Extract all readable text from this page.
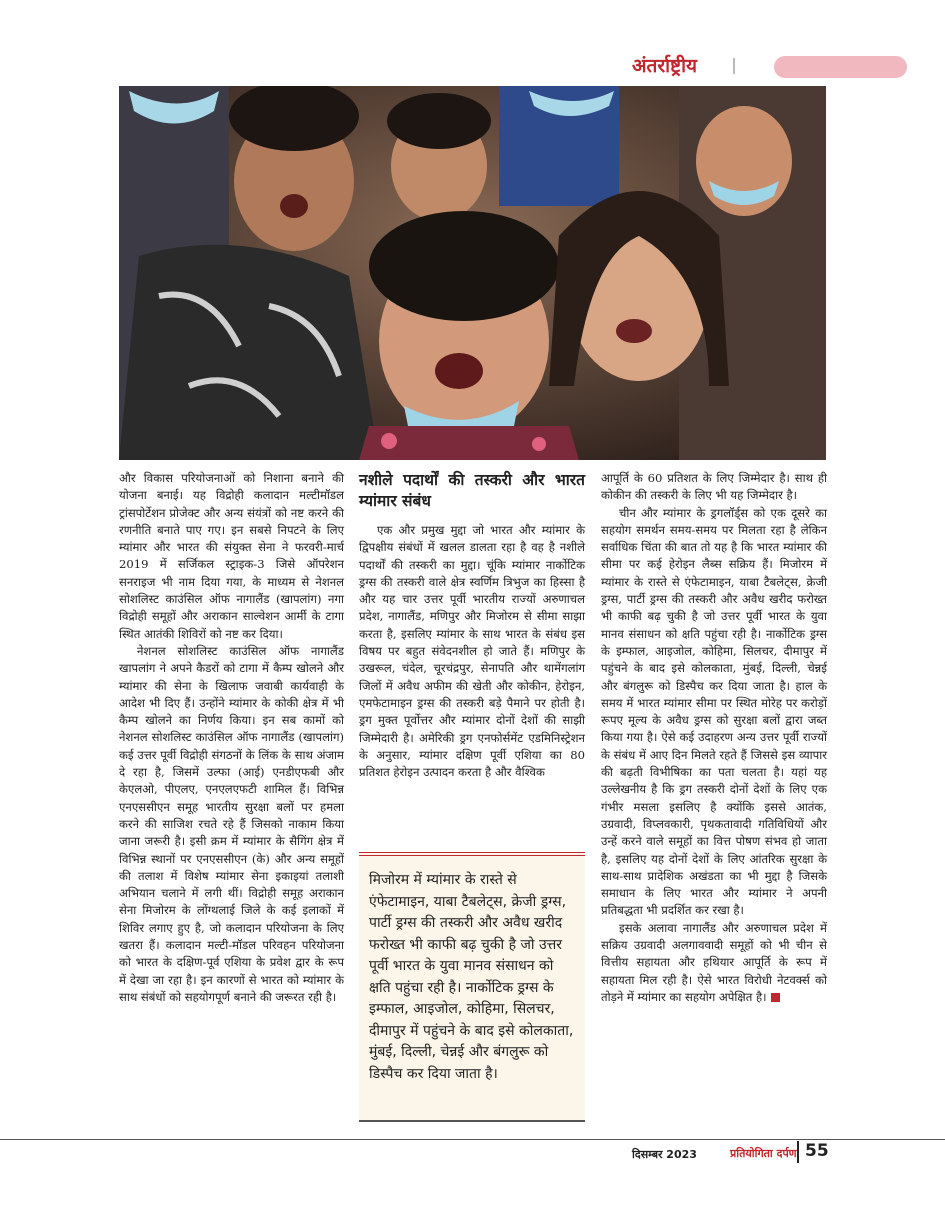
अंतर्राष्ट्रीय

और विकास परियोजनाओं को निशाना बनाने की योजना बनाई। यह विद्रोही कलादान मल्टीमॉडल ट्रांसपोर्टेशन प्रोजेक्ट और अन्य संयंत्रों को नष्ट करने की रणनीति बनाते पाए गए। इन सबसे निपटने के लिए म्यांमार और भारत की संयुक्त सेना ने फरवरी-मार्च 2019 में सर्जिकल स्ट्राइक-3 जिसे ऑपरेशन सनराइज भी नाम दिया गया, के माध्यम से नेशनल सोशलिस्ट काउंसिल ऑफ नागालैंड (खापलांग) नगा विद्रोही समूहों और अराकान साल्वेशन आर्मी के टागा स्थित आतंकी शिविरों को नष्ट कर दिया।

नेशनल सोशलिस्ट काउंसिल ऑफ नागालैंड खापलांग ने अपने कैडरों को टागा में कैम्प खोलने और म्यांमार की सेना के खिलाफ जवाबी कार्यवाही के आदेश भी दिए हैं। उन्होंने म्यांमार के कोकी क्षेत्र में भी कैम्प खोलने का निर्णय किया। इन सब कामों को नेशनल सोशलिस्ट काउंसिल ऑफ नागालैंड (खापलांग) कई उत्तर पूर्वी विद्रोही संगठनों के लिंक के साथ अंजाम दे रहा है, जिसमें उल्फा (आई) एनडीएफबी और केएलओ, पीएलए, एनएलएफटी शामिल हैं। विभिन्न एनएससीएन समूह भारतीय सुरक्षा बलों पर हमला करने की साजिश रचते रहे हैं जिसको नाकाम किया जाना जरूरी है। इसी क्रम में म्यांमार के सैगिंग क्षेत्र में विभिन्न स्थानों पर एनएससीएन (के) और अन्य समूहों की तलाश में विशेष म्यांमार सेना इकाइयां तलाशी अभियान चलाने में लगी थीं। विद्रोही समूह अराकान सेना मिजोरम के लोंग्थलाई जिले के कई इलाकों में शिविर लगाए हुए है, जो कलादान परियोजना के लिए खतरा हैं। कलादान मल्टी-मॉडल परिवहन परियोजना को भारत के दक्षिण-पूर्व एशिया के प्रवेश द्वार के रूप में देखा जा रहा है। इन कारणों से भारत को म्यांमार के साथ संबंधों को सहयोगपूर्ण बनाने की जरूरत रही है।

नशीले पदार्थों की तस्करी और भारत म्यांमार संबंध

एक और प्रमुख मुद्दा जो भारत और म्यांमार के द्विपक्षीय संबंधों में खलल डालता रहा है वह है नशीले पदार्थों की तस्करी का मुद्दा। चूंकि म्यांमार नार्कोटिक ड्रग्स की तस्करी वाले क्षेत्र स्वर्णिम त्रिभुज का हिस्सा है और यह चार उत्तर पूर्वी भारतीय राज्यों अरुणाचल प्रदेश, नागालैंड, मणिपुर और मिजोरम से सीमा साझा करता है, इसलिए म्यांमार के साथ भारत के संबंध इस विषय पर बहुत संवेदनशील हो जाते हैं। मणिपुर के उखरूल, चंदेल, चूरचंद्रपुर, सेनापति और थामेंगलांग जिलों में अवैध अफीम की खेती और कोकीन, हेरोइन, एमफेटामाइन ड्रग्स की तस्करी बड़े पैमाने पर होती है। ड्रग मुक्त पूर्वोत्तर और म्यांमार दोनों देशों की साझी जिम्मेदारी है। अमेरिकी ड्रग एनफोर्समेंट एडमिनिस्ट्रेशन के अनुसार, म्यांमार दक्षिण पूर्वी एशिया का 80 प्रतिशत हेरोइन उत्पादन करता है और वैश्विक

मिजोरम में म्यांमार के रास्ते से एंफेटामाइन, याबा टैबलेट्स, क्रेजी ड्रग्स, पार्टी ड्रग्स की तस्करी और अवैध खरीद फरोख्त भी काफी बढ़ चुकी है जो उत्तर पूर्वी भारत के युवा मानव संसाधन को क्षति पहुंचा रही है। नार्कोटिक ड्रग्स के इम्फाल, आइजोल, कोहिमा, सिलचर, दीमापुर में पहुंचने के बाद इसे कोलकाता, मुंबई, दिल्ली, चेन्नई और बंगलुरू को डिस्पैच कर दिया जाता है।

आपूर्ति के 60 प्रतिशत के लिए जिम्मेदार है। साथ ही कोकीन की तस्करी के लिए भी यह जिम्मेदार है।

चीन और म्यांमार के ड्रगलॉर्ड्स को एक दूसरे का सहयोग समर्थन समय-समय पर मिलता रहा है लेकिन सर्वाधिक चिंता की बात तो यह है कि भारत म्यांमार की सीमा पर कई हेरोइन लैब्स सक्रिय हैं। मिजोरम में म्यांमार के रास्ते से एंफेटामाइन, याबा टैबलेट्स, क्रेजी ड्रग्स, पार्टी ड्रग्स की तस्करी और अवैध खरीद फरोख्त भी काफी बढ़ चुकी है जो उत्तर पूर्वी भारत के युवा मानव संसाधन को क्षति पहुंचा रही है। नार्कोटिक ड्रग्स के इम्फाल, आइजोल, कोहिमा, सिलचर, दीमापुर में पहुंचने के बाद इसे कोलकाता, मुंबई, दिल्ली, चेन्नई और बंगलुरू को डिस्पैच कर दिया जाता है। हाल के समय में भारत म्यांमार सीमा पर स्थित मोरेह पर करोड़ों रूपए मूल्य के अवैध ड्रग्स को सुरक्षा बलों द्वारा जब्त किया गया है। ऐसे कई उदाहरण अन्य उत्तर पूर्वी राज्यों के संबंध में आए दिन मिलते रहते हैं जिससे इस व्यापार की बढ़ती विभीषिका का पता चलता है। यहां यह उल्लेखनीय है कि ड्रग तस्करी दोनों देशों के लिए एक गंभीर मसला इसलिए है क्योंकि इससे आतंक, उग्रवादी, विप्लवकारी, पृथकतावादी गतिविधियों और उन्हें करने वाले समूहों का वित्त पोषण संभव हो जाता है, इसलिए यह दोनों देशों के लिए आंतरिक सुरक्षा के साथ-साथ प्रादेशिक अखंडता का भी मुद्दा है जिसके समाधान के लिए भारत और म्यांमार ने अपनी प्रतिबद्धता भी प्रदर्शित कर रखा है।

इसके अलावा नागालैंड और अरुणाचल प्रदेश में सक्रिय उग्रवादी अलगाववादी समूहों को भी चीन से वित्तीय सहायता और हथियार आपूर्ति के रूप में सहायता मिल रही है। ऐसे भारत विरोधी नेटवर्क्स को तोड़ने में म्यांमार का सहयोग अपेक्षित है।

दिसम्बर 2023	प्रतियोगिता दर्पण 55
